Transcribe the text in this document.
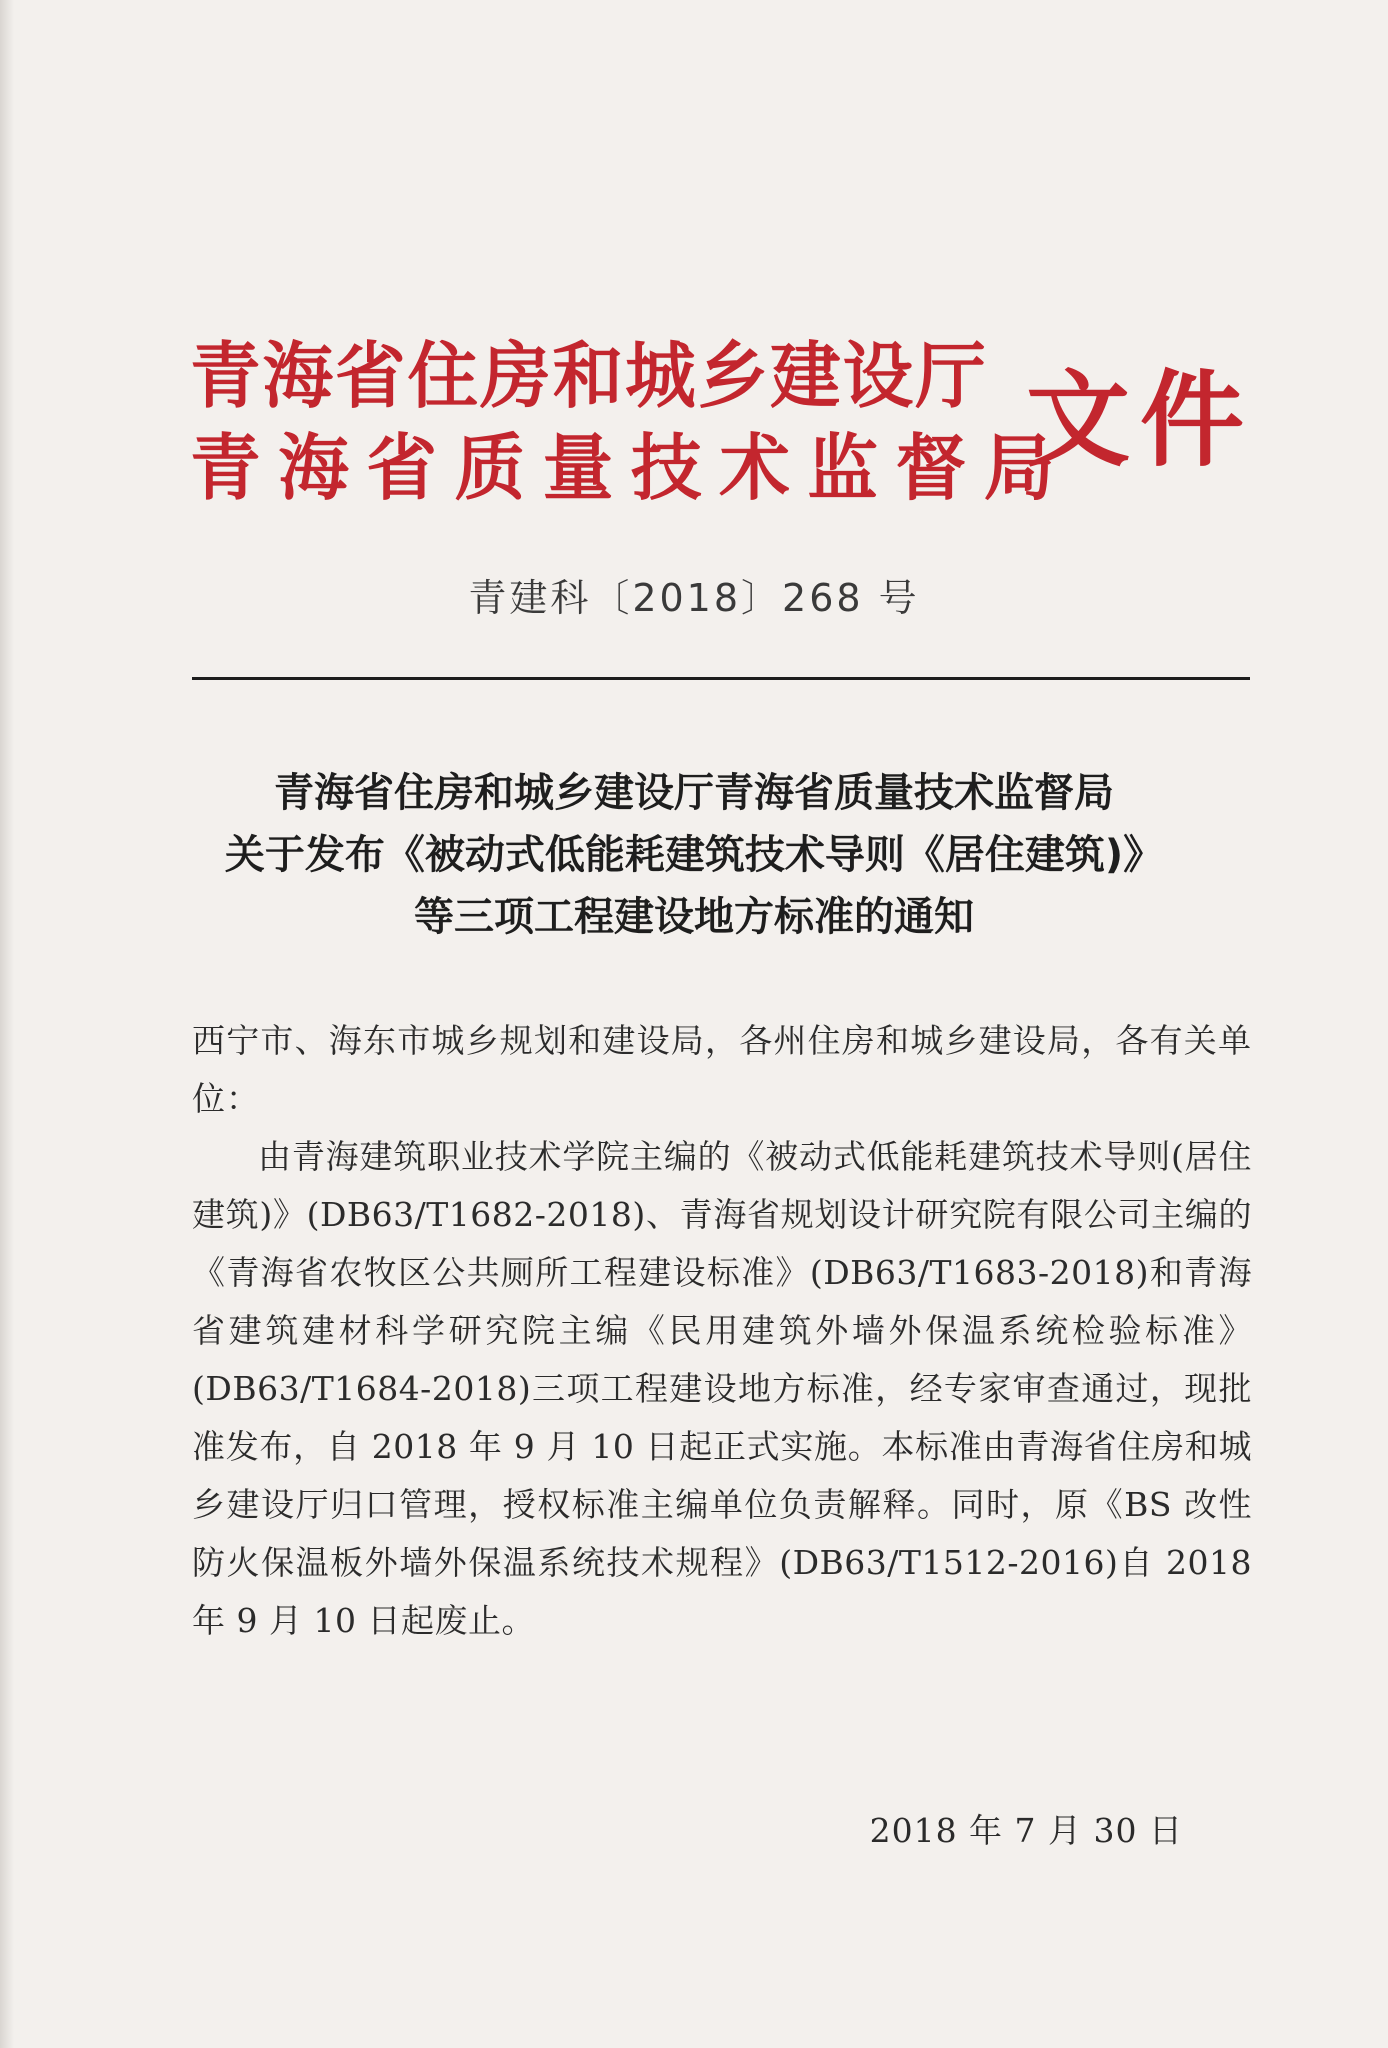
青海省住房和城乡建设厅
青海省质量技术监督局
文件
青建科〔2018〕268 号
青海省住房和城乡建设厅青海省质量技术监督局
关于发布《被动式低能耗建筑技术导则《居住建筑)》
等三项工程建设地方标准的通知
西宁市、海东市城乡规划和建设局，各州住房和城乡建设局，各有关单位：
由青海建筑职业技术学院主编的《被动式低能耗建筑技术导则(居住建筑)》(DB63/T1682-2018)、青海省规划设计研究院有限公司主编的《青海省农牧区公共厕所工程建设标准》(DB63/T1683-2018)和青海省建筑建材科学研究院主编《民用建筑外墙外保温系统检验标准》(DB63/T1684-2018)三项工程建设地方标准，经专家审查通过，现批准发布，自 2018 年 9 月 10 日起正式实施。本标准由青海省住房和城乡建设厅归口管理，授权标准主编单位负责解释。同时，原《BS 改性防火保温板外墙外保温系统技术规程》(DB63/T1512-2016)自 2018 年 9 月 10 日起废止。
2018 年 7 月 30 日
